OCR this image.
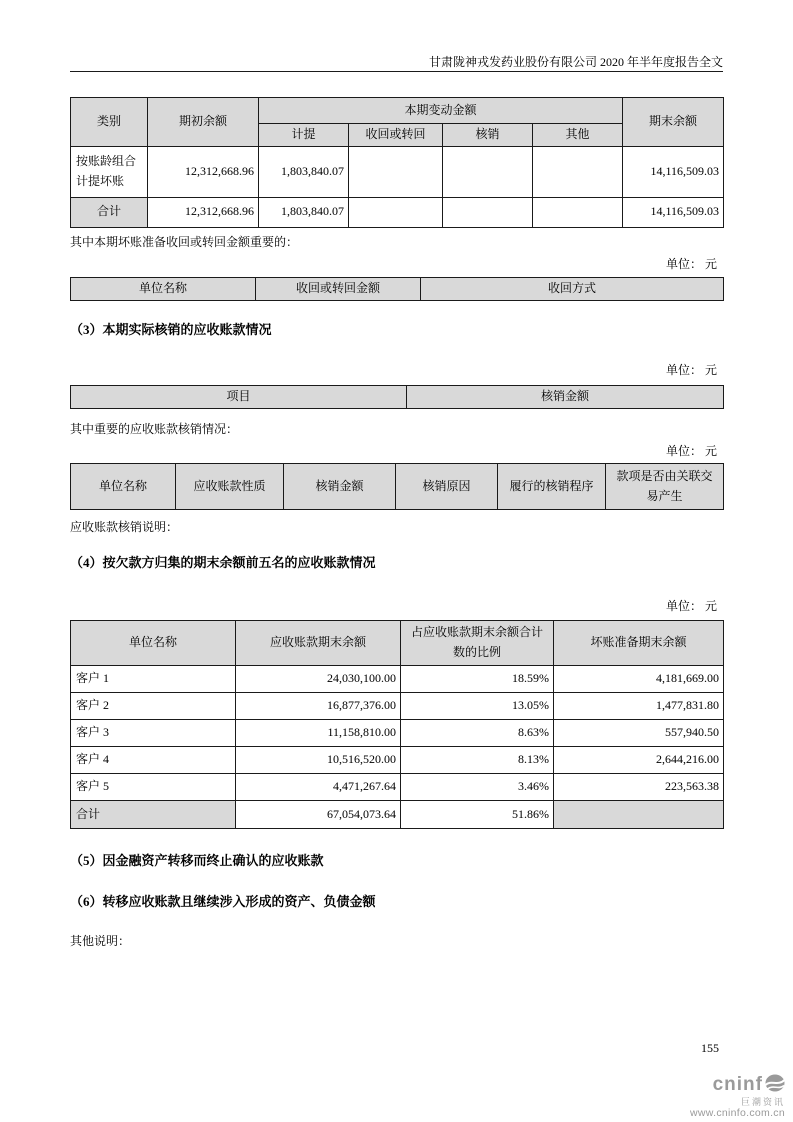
甘肃陇神戎发药业股份有限公司 2020 年半年度报告全文
类别	期初余额	本期变动金额				期末余额
		计提	收回或转回	核销	其他	
按账龄组合计提坏账	12,312,668.96	1,803,840.07				14,116,509.03
合计	12,312,668.96	1,803,840.07				14,116,509.03
其中本期坏账准备收回或转回金额重要的：
单位： 元
单位名称	收回或转回金额	收回方式
（3）本期实际核销的应收账款情况
单位： 元
项目	核销金额
其中重要的应收账款核销情况：
单位： 元
单位名称	应收账款性质	核销金额	核销原因	履行的核销程序	款项是否由关联交易产生
应收账款核销说明：
（4）按欠款方归集的期末余额前五名的应收账款情况
单位： 元
单位名称	应收账款期末余额	占应收账款期末余额合计数的比例	坏账准备期末余额
客户 1	24,030,100.00	18.59%	4,181,669.00
客户 2	16,877,376.00	13.05%	1,477,831.80
客户 3	11,158,810.00	8.63%	557,940.50
客户 4	10,516,520.00	8.13%	2,644,216.00
客户 5	4,471,267.64	3.46%	223,563.38
合计	67,054,073.64	51.86%	
（5）因金融资产转移而终止确认的应收账款
（6）转移应收账款且继续涉入形成的资产、负债金额
其他说明：
155
cninf
巨潮资讯
www.cninfo.com.cn
